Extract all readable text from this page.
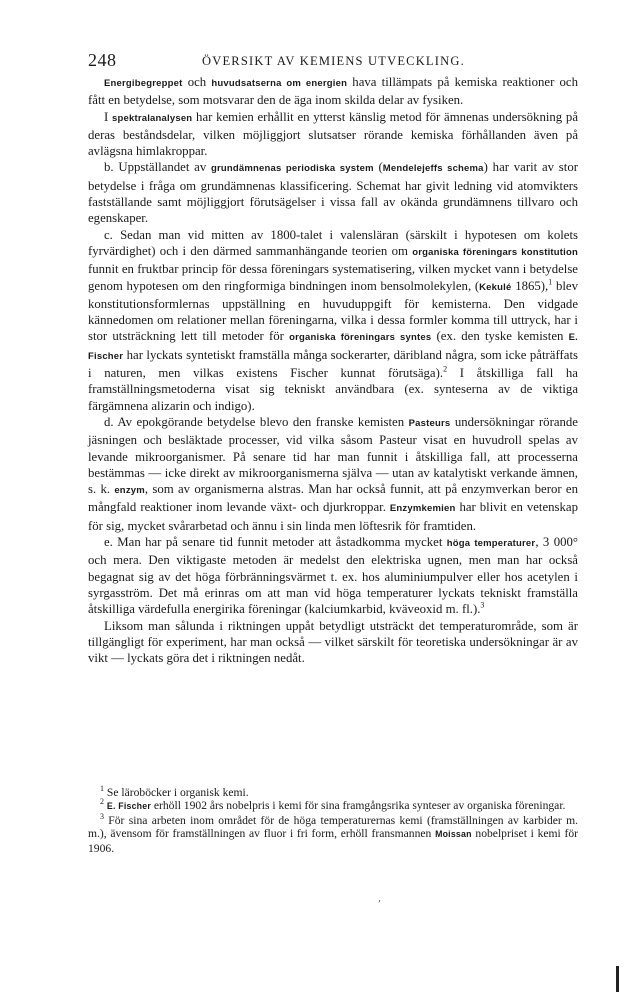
248	ÖVERSIKT AV KEMIENS UTVECKLING.

Energibegreppet och huvudsatserna om energien hava tillämpats på kemiska reaktioner och fått en betydelse, som motsvarar den de äga inom skilda delar av fysiken.

I spektralanalysen har kemien erhållit en ytterst känslig metod för ämnenas undersökning på deras beståndsdelar, vilken möjliggjort slutsatser rörande kemiska förhållanden även på avlägsna himlakroppar.

b. Uppställandet av grundämnenas periodiska system (Mendelejeffs schema) har varit av stor betydelse i fråga om grundämnenas klassificering. Schemat har givit ledning vid atomvikters fastställande samt möjliggjort förutsägelser i vissa fall av okända grundämnens tillvaro och egenskaper.

c. Sedan man vid mitten av 1800-talet i valensläran (särskilt i hypotesen om kolets fyrvärdighet) och i den därmed sammanhängande teorien om organiska föreningars konstitution funnit en fruktbar princip för dessa föreningars systematisering, vilken mycket vann i betydelse genom hypotesen om den ringformiga bindningen inom bensolmolekylen, (Kekulé 1865),$^1$ blev konstitutionsformlernas uppställning en huvuduppgift för kemisterna. Den vidgade kännedomen om relationer mellan föreningarna, vilka i dessa formler komma till uttryck, har i stor utsträckning lett till metoder för organiska föreningars syntes (ex. den tyske kemisten E. Fischer har lyckats syntetiskt framställa många sockerarter, däribland några, som icke påträffats i naturen, men vilkas existens Fischer kunnat förutsäga).$^2$ I åtskilliga fall ha framställningsmetoderna visat sig tekniskt användbara (ex. synteserna av de viktiga färgämnena alizarin och indigo).

d. Av epokgörande betydelse blevo den franske kemisten Pasteurs undersökningar rörande jäsningen och besläktade processer, vid vilka såsom Pasteur visat en huvudroll spelas av levande mikroorganismer. På senare tid har man funnit i åtskilliga fall, att processerna bestämmas — icke direkt av mikroorganismerna själva — utan av katalytiskt verkande ämnen, s. k. enzym, som av organismerna alstras. Man har också funnit, att på enzymverkan beror en mångfald reaktioner inom levande växt- och djurkroppar. Enzymkemien har blivit en vetenskap för sig, mycket svårarbetad och ännu i sin linda men löftesrik för framtiden.

e. Man har på senare tid funnit metoder att åstadkomma mycket höga temperaturer, 3 000° och mera. Den viktigaste metoden är medelst den elektriska ugnen, men man har också begagnat sig av det höga förbränningsvärmet t. ex. hos aluminiumpulver eller hos acetylen i syrgasström. Det må erinras om att man vid höga temperaturer lyckats tekniskt framställa åtskilliga värdefulla energirika föreningar (kalciumkarbid, kväveoxid m. fl.).$^3$

Liksom man sålunda i riktningen uppåt betydligt utsträckt det temperaturområde, som är tillgängligt för experiment, har man också — vilket särskilt för teoretiska undersökningar är av vikt — lyckats göra det i riktningen nedåt.

$^1$ Se läroböcker i organisk kemi.

$^2$ E. Fischer erhöll 1902 års nobelpris i kemi för sina framgångsrika synteser av organiska föreningar.

$^3$ För sina arbeten inom området för de höga temperaturernas kemi (framställningen av karbider m. m.), ävensom för framställningen av fluor i fri form, erhöll fransmannen Moissan nobelpriset i kemi för 1906.

,
